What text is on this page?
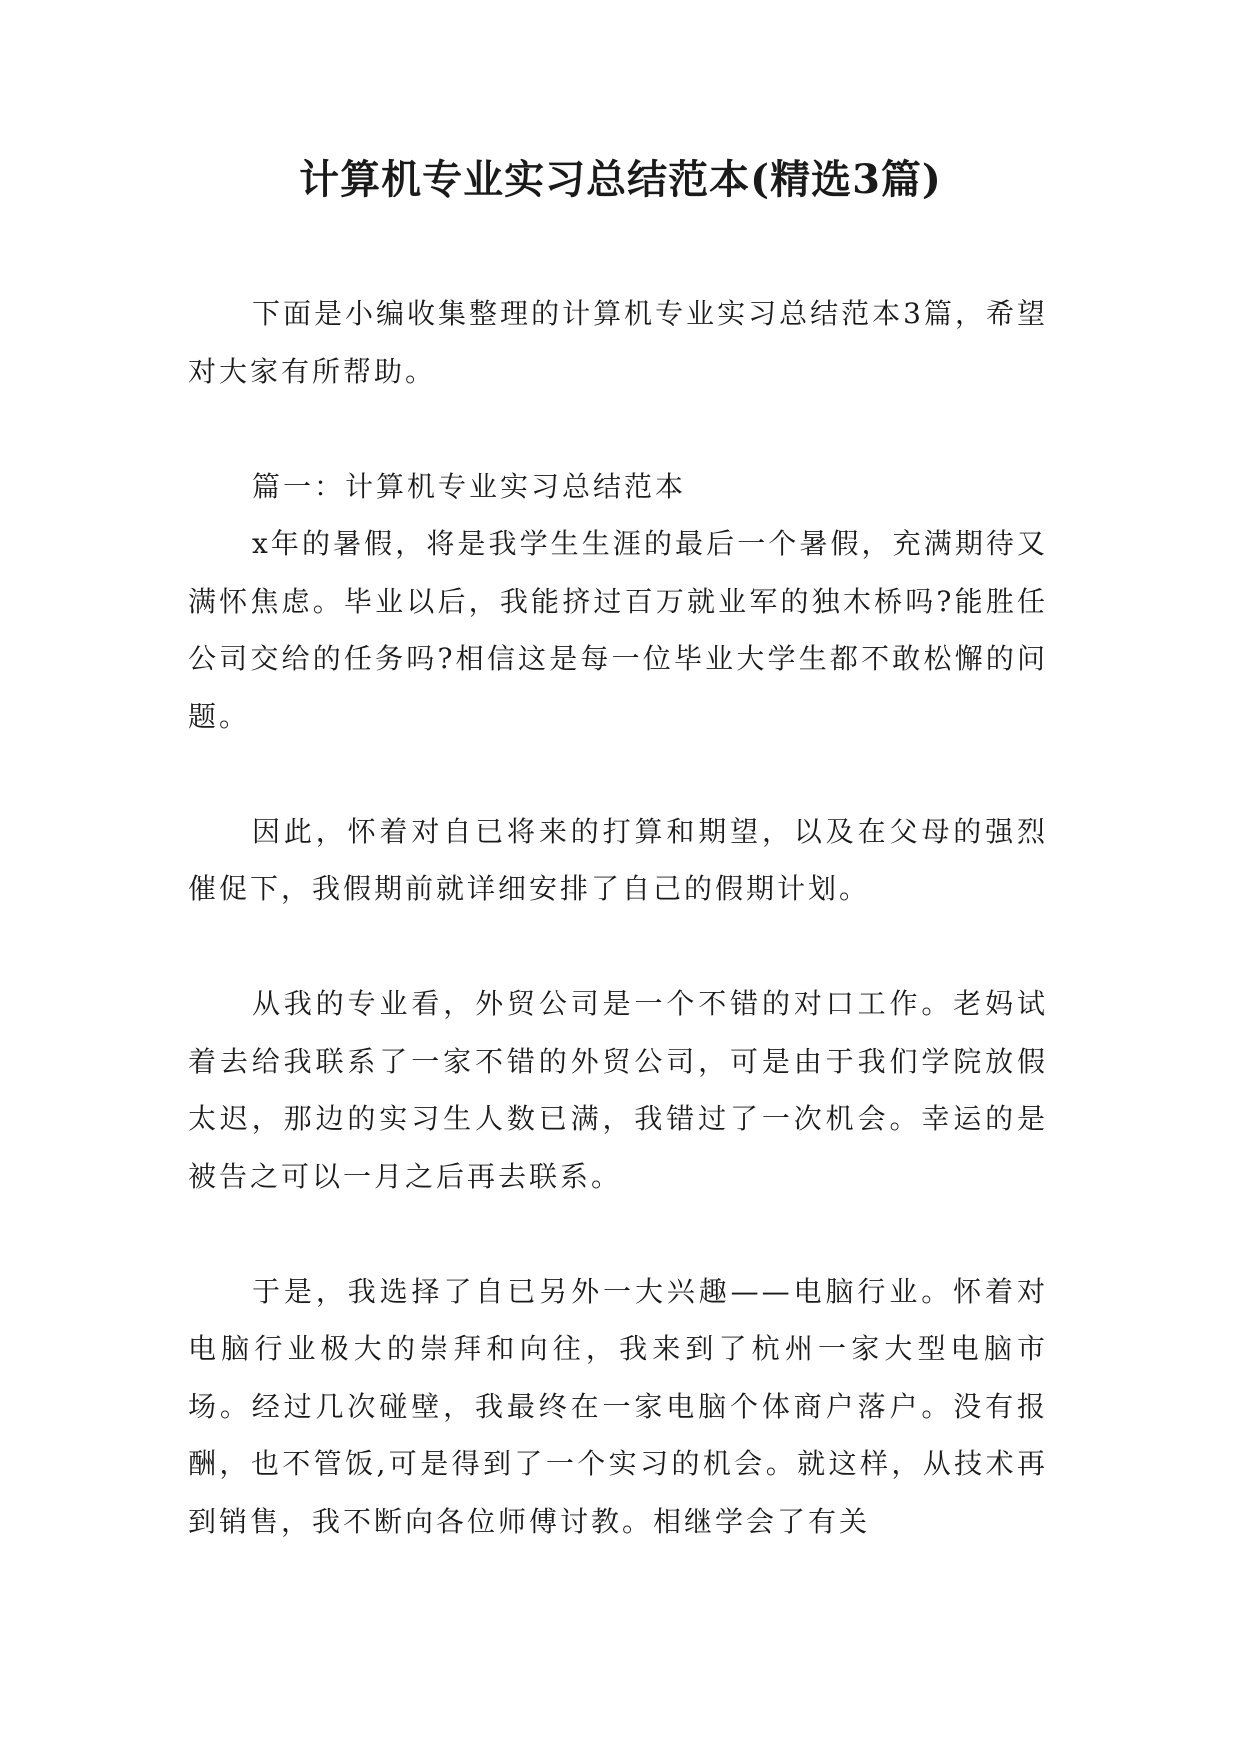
计算机专业实习总结范本(精选3篇)

下面是小编收集整理的计算机专业实习总结范本3篇，希望对大家有所帮助。

篇一：计算机专业实习总结范本

x年的暑假，将是我学生生涯的最后一个暑假，充满期待又满怀焦虑。毕业以后，我能挤过百万就业军的独木桥吗?能胜任公司交给的任务吗?相信这是每一位毕业大学生都不敢松懈的问题。

因此，怀着对自已将来的打算和期望，以及在父母的强烈催促下，我假期前就详细安排了自己的假期计划。

从我的专业看，外贸公司是一个不错的对口工作。老妈试着去给我联系了一家不错的外贸公司，可是由于我们学院放假太迟，那边的实习生人数已满，我错过了一次机会。幸运的是被告之可以一月之后再去联系。

于是，我选择了自已另外一大兴趣——电脑行业。怀着对电脑行业极大的崇拜和向往，我来到了杭州一家大型电脑市场。经过几次碰壁，我最终在一家电脑个体商户落户。没有报酬，也不管饭,可是得到了一个实习的机会。就这样，从技术再到销售，我不断向各位师傅讨教。相继学会了有关
